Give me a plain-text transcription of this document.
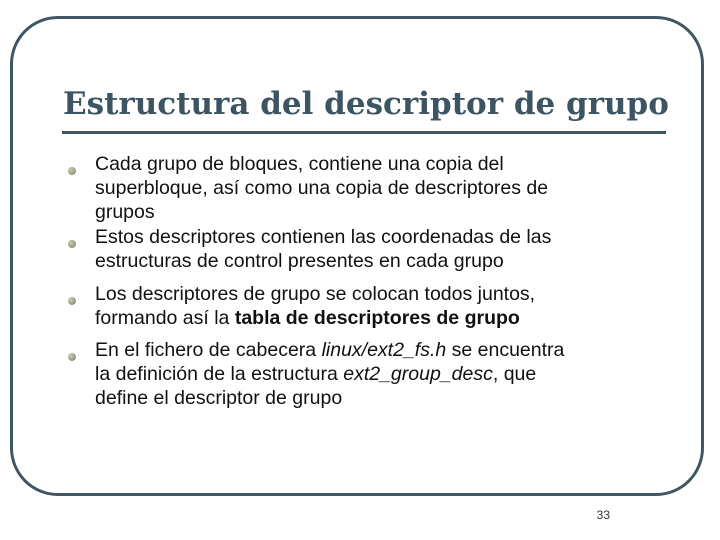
Estructura del descriptor de grupo

Cada grupo de bloques, contiene una copia del
superbloque, así como una copia de descriptores de
grupos

Estos descriptores contienen las coordenadas de las
estructuras de control presentes en cada grupo

Los descriptores de grupo se colocan todos juntos,
formando así la tabla de descriptores de grupo

En el fichero de cabecera linux/ext2_fs.h se encuentra
la definición de la estructura ext2_group_desc, que
define el descriptor de grupo

33
